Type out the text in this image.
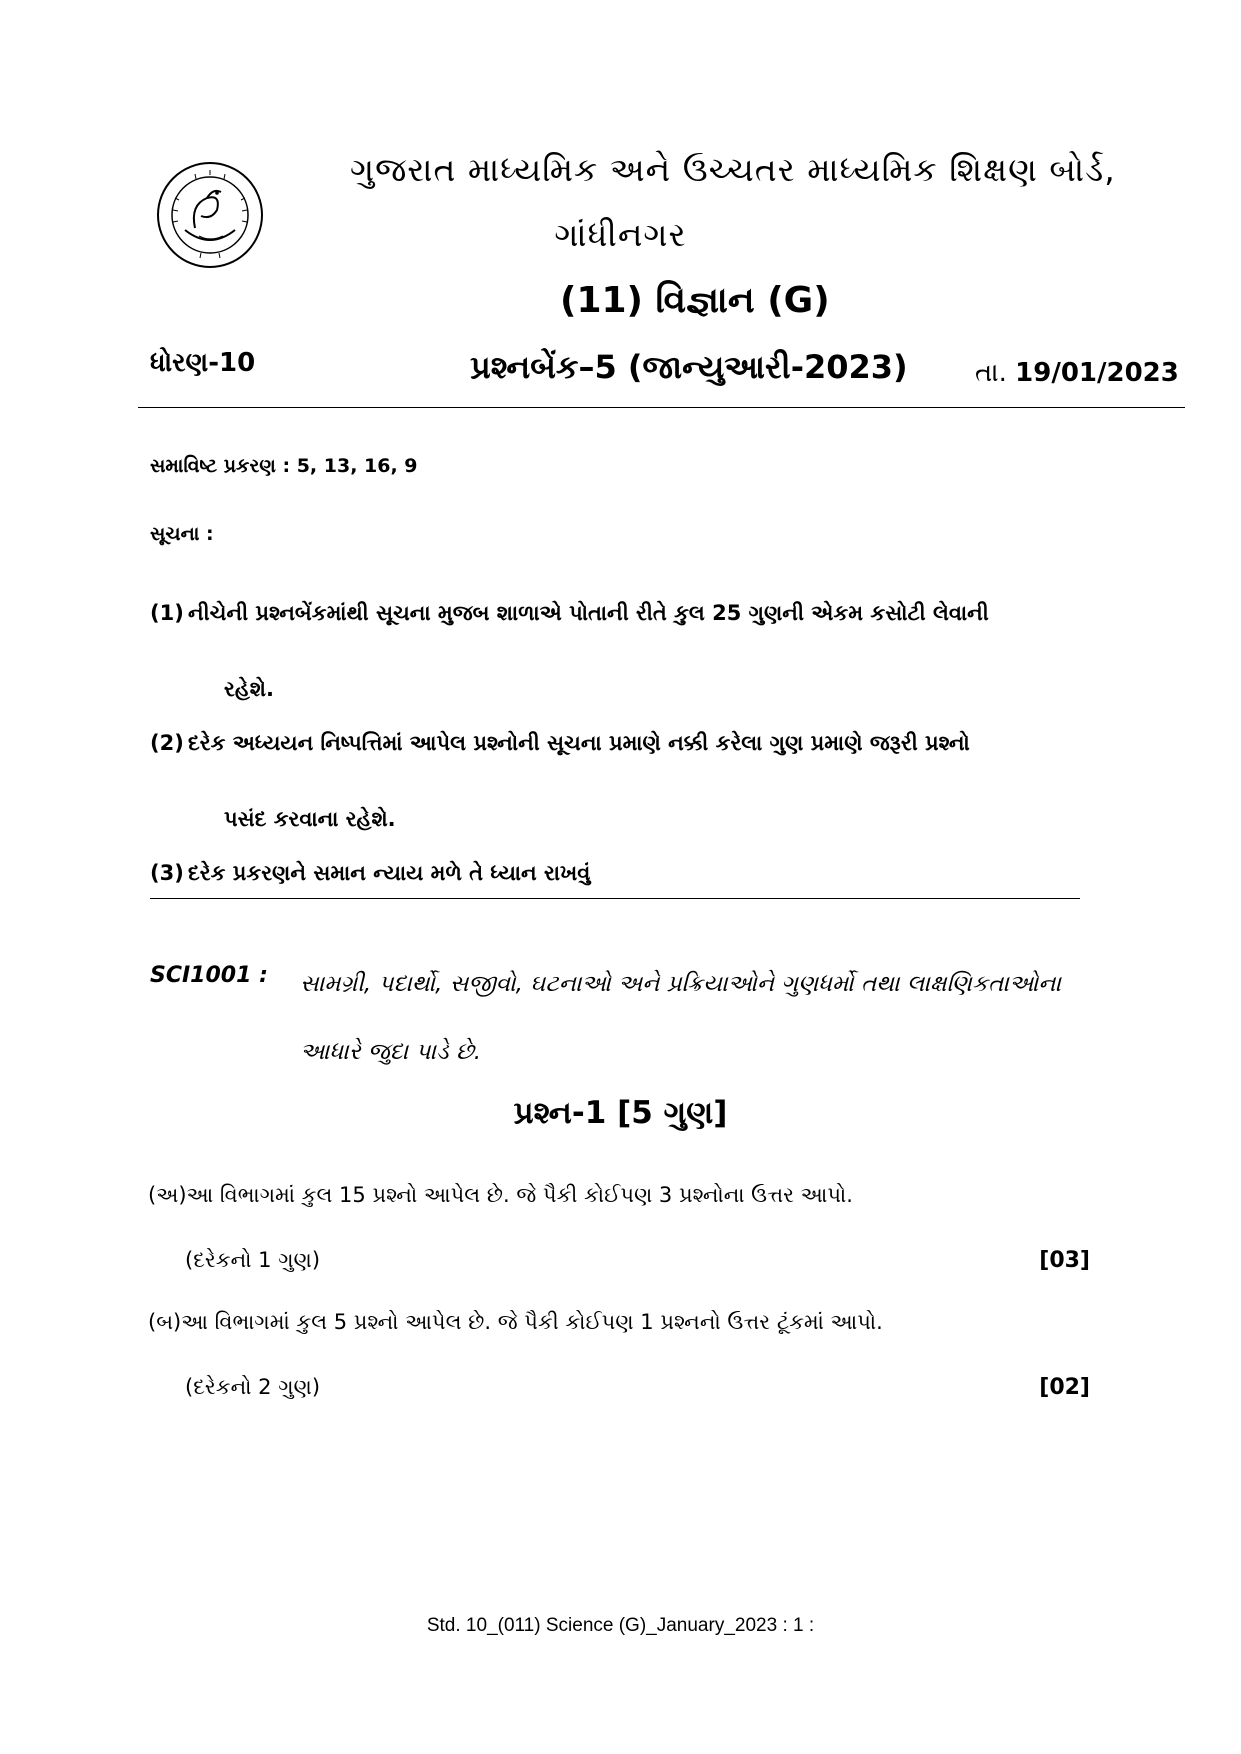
ગુજરાત માધ્યમિક અને ઉચ્ચતર માધ્યમિક શિક્ષણ બોર્ડ,
ગાંધીનગર
(11) વિજ્ઞાન (G)
ધોરણ-10	પ્રશ્નબેંક–5 (જાન્યુઆરી-2023)	તા. 19/01/2023
સમાવિષ્ટ પ્રકરણ : 5, 13, 16, 9
સૂચના :
(1) નીચેની પ્રશ્નબેંકમાંથી સૂચના મુજબ શાળાએ પોતાની રીતે કુલ 25 ગુણની એકમ કસોટી લેવાની
રહેશે.
(2) દરેક અધ્યયન નિષ્પત્તિમાં આપેલ પ્રશ્નોની સૂચના પ્રમાણે નક્કી કરેલા ગુણ પ્રમાણે જરૂરી પ્રશ્નો
પસંદ કરવાના રહેશે.
(3) દરેક પ્રકરણને સમાન ન્યાય મળે તે ધ્યાન રાખવું
SCI1001 : સામગ્રી, પદાર્થો, સજીવો, ઘટનાઓ અને પ્રક્રિયાઓને ગુણધર્મો તથા લાક્ષણિકતાઓના આધારે જુદા પાડે છે.
પ્રશ્ન-1 [5 ગુણ]
(અ)આ વિભાગમાં કુલ 15 પ્રશ્નો આપેલ છે. જે પૈકી કોઈપણ 3 પ્રશ્નોના ઉત્તર આપો.
(દરેકનો 1 ગુણ)	[03]
(બ)આ વિભાગમાં કુલ 5 પ્રશ્નો આપેલ છે. જે પૈકી કોઈપણ 1 પ્રશ્નનો ઉત્તર ટૂંકમાં આપો.
(દરેકનો 2 ગુણ)	[02]
Std. 10_(011) Science (G)_January_2023 : 1 :
